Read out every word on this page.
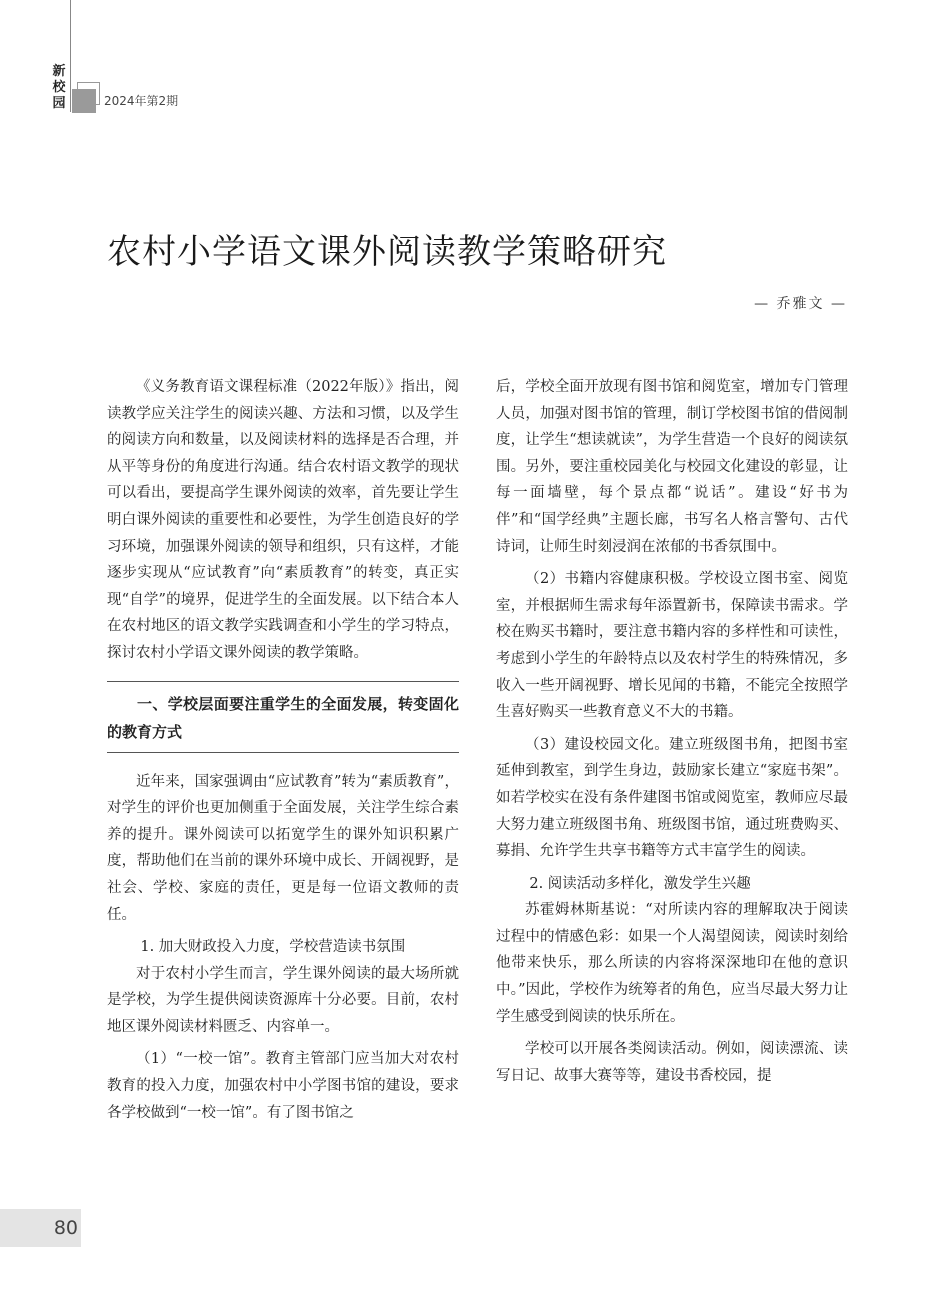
新
校
园	2024年第2期
农村小学语文课外阅读教学策略研究
— 乔雅文 —

《义务教育语文课程标准（2022年版）》指出，阅读教学应关注学生的阅读兴趣、方法和习惯，以及学生的阅读方向和数量，以及阅读材料的选择是否合理，并从平等身份的角度进行沟通。结合农村语文教学的现状可以看出，要提高学生课外阅读的效率，首先要让学生明白课外阅读的重要性和必要性，为学生创造良好的学习环境，加强课外阅读的领导和组织，只有这样，才能逐步实现从“应试教育”向“素质教育”的转变，真正实现“自学”的境界，促进学生的全面发展。以下结合本人在农村地区的语文教学实践调查和小学生的学习特点，探讨农村小学语文课外阅读的教学策略。

一、学校层面要注重学生的全面发展，转变固化的教育方式

近年来，国家强调由“应试教育”转为“素质教育”，对学生的评价也更加侧重于全面发展，关注学生综合素养的提升。课外阅读可以拓宽学生的课外知识积累广度，帮助他们在当前的课外环境中成长、开阔视野，是社会、学校、家庭的责任，更是每一位语文教师的责任。

1. 加大财政投入力度，学校营造读书氛围

对于农村小学生而言，学生课外阅读的最大场所就是学校，为学生提供阅读资源库十分必要。目前，农村地区课外阅读材料匮乏、内容单一。

（1）“一校一馆”。教育主管部门应当加大对农村教育的投入力度，加强农村中小学图书馆的建设，要求各学校做到“一校一馆”。有了图书馆之

后，学校全面开放现有图书馆和阅览室，增加专门管理人员，加强对图书馆的管理，制订学校图书馆的借阅制度，让学生“想读就读”，为学生营造一个良好的阅读氛围。另外，要注重校园美化与校园文化建设的彰显，让每一面墙壁，每个景点都“说话”。建设“好书为伴”和“国学经典”主题长廊，书写名人格言警句、古代诗词，让师生时刻浸润在浓郁的书香氛围中。

（2）书籍内容健康积极。学校设立图书室、阅览室，并根据师生需求每年添置新书，保障读书需求。学校在购买书籍时，要注意书籍内容的多样性和可读性，考虑到小学生的年龄特点以及农村学生的特殊情况，多收入一些开阔视野、增长见闻的书籍，不能完全按照学生喜好购买一些教育意义不大的书籍。

（3）建设校园文化。建立班级图书角，把图书室延伸到教室，到学生身边，鼓励家长建立“家庭书架”。如若学校实在没有条件建图书馆或阅览室，教师应尽最大努力建立班级图书角、班级图书馆，通过班费购买、募捐、允许学生共享书籍等方式丰富学生的阅读。

2. 阅读活动多样化，激发学生兴趣

苏霍姆林斯基说：“对所读内容的理解取决于阅读过程中的情感色彩：如果一个人渴望阅读，阅读时刻给他带来快乐，那么所读的内容将深深地印在他的意识中。”因此，学校作为统筹者的角色，应当尽最大努力让学生感受到阅读的快乐所在。

学校可以开展各类阅读活动。例如，阅读漂流、读写日记、故事大赛等等，建设书香校园，提

80
